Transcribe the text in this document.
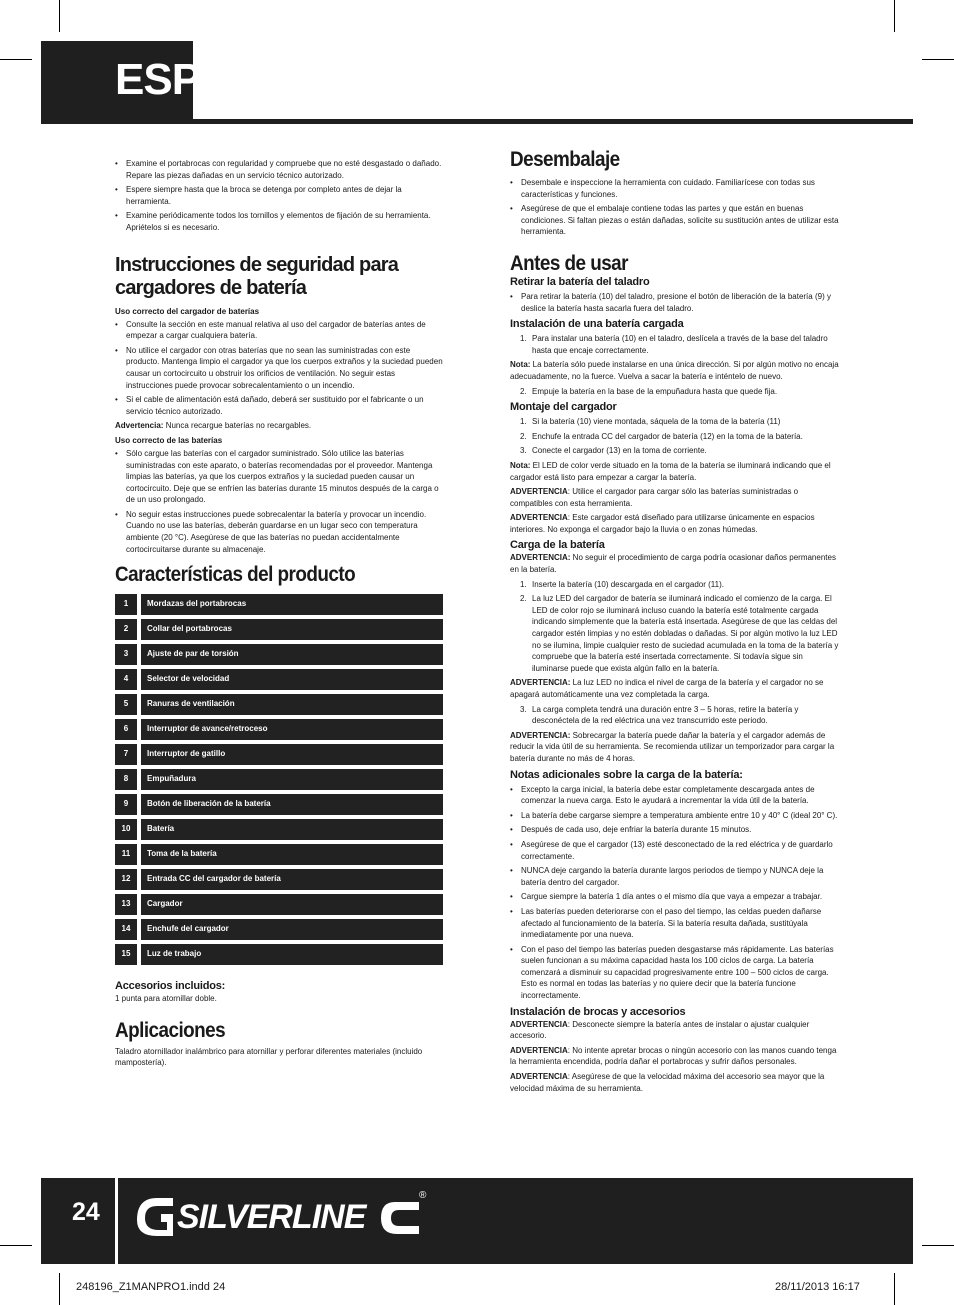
ESP
• Examine el portabrocas con regularidad y compruebe que no esté desgastado o dañado. Repare las piezas dañadas en un servicio técnico autorizado.
• Espere siempre hasta que la broca se detenga por completo antes de dejar la herramienta.
• Examine periódicamente todos los tornillos y elementos de fijación de su herramienta. Apriételos si es necesario.
Instrucciones de seguridad para cargadores de batería
Uso correcto del cargador de baterías
• Consulte la sección en este manual relativa al uso del cargador de baterías antes de empezar a cargar cualquiera batería.
• No utilice el cargador con otras baterías que no sean las suministradas con este producto. Mantenga limpio el cargador ya que los cuerpos extraños y la suciedad pueden causar un cortocircuito u obstruir los orificios de ventilación. No seguir estas instrucciones puede provocar sobrecalentamiento o un incendio.
• Si el cable de alimentación está dañado, deberá ser sustituido por el fabricante o un servicio técnico autorizado.

Advertencia: Nunca recargue baterías no recargables.

Uso correcto de las baterías
• Sólo cargue las baterías con el cargador suministrado. Sólo utilice las baterías suministradas con este aparato, o baterías recomendadas por el proveedor. Mantenga limpias las baterías, ya que los cuerpos extraños y la suciedad pueden causar un cortocircuito. Deje que se enfríen las baterías durante 15 minutos después de la carga o de un uso prolongado.
• No seguir estas instrucciones puede sobrecalentar la batería y provocar un incendio. Cuando no use las baterías, deberán guardarse en un lugar seco con temperatura ambiente (20 °C). Asegúrese de que las baterías no puedan accidentalmente cortocircuitarse durante su almacenaje.
Características del producto
1		Mordazas del portabrocas
2		Collar del portabrocas
3		Ajuste de par de torsión
4		Selector de velocidad
5		Ranuras de ventilación
6		Interruptor de avance/retroceso
7		Interruptor de gatillo
8		Empuñadura
9		Botón de liberación de la batería
10		Batería
11		Toma de la batería
12		Entrada CC del cargador de batería
13		Cargador
14		Enchufe del cargador
15		Luz de trabajo
Accesorios incluidos:

1 punta para atornillar doble.

Aplicaciones

Taladro atornillador inalámbrico para atornillar y perforar diferentes materiales (incluido mampostería).

Desembalaje
• Desembale e inspeccione la herramienta con cuidado. Familiarícese con todas sus características y funciones.
• Asegúrese de que el embalaje contiene todas las partes y que están en buenas condiciones. Si faltan piezas o están dañadas, solicite su sustitución antes de utilizar esta herramienta.
Antes de usar
Retirar la batería del taladro
• Para retirar la batería (10) del taladro, presione el botón de liberación de la batería (9) y deslice la batería hasta sacarla fuera del taladro.
Instalación de una batería cargada
1. Para instalar una batería (10) en el taladro, deslícela a través de la base del taladro hasta que encaje correctamente.

Nota: La batería sólo puede instalarse en una única dirección. Si por algún motivo no encaja adecuadamente, no la fuerce. Vuelva a sacar la batería e inténtelo de nuevo.

2. Empuje la batería en la base de la empuñadura hasta que quede fija.
Montaje del cargador
1. Si la batería (10) viene montada, sáquela de la toma de la batería (11)
2. Enchufe la entrada CC del cargador de batería (12) en la toma de la batería.
3. Conecte el cargador (13) en la toma de corriente.

Nota: El LED de color verde situado en la toma de la batería se iluminará indicando que el cargador está listo para empezar a cargar la batería.

ADVERTENCIA: Utilice el cargador para cargar sólo las baterías suministradas o compatibles con esta herramienta.

ADVERTENCIA: Este cargador está diseñado para utilizarse únicamente en espacios interiores. No exponga el cargador bajo la lluvia o en zonas húmedas.

Carga de la batería

ADVERTENCIA: No seguir el procedimiento de carga podría ocasionar daños permanentes en la batería.

1. Inserte la batería (10) descargada en el cargador (11).
2. La luz LED del cargador de batería se iluminará indicado el comienzo de la carga. El LED de color rojo se iluminará incluso cuando la batería esté totalmente cargada indicando simplemente que la batería está insertada. Asegúrese de que las celdas del cargador estén limpias y no estén dobladas o dañadas. Si por algún motivo la luz LED no se ilumina, limpie cualquier resto de suciedad acumulada en la toma de la batería y compruebe que la batería esté insertada correctamente. Si todavía sigue sin iluminarse puede que exista algún fallo en la batería.

ADVERTENCIA: La luz LED no indica el nivel de carga de la batería y el cargador no se apagará automáticamente una vez completada la carga.

3. La carga completa tendrá una duración entre 3 – 5 horas, retire la batería y desconéctela de la red eléctrica una vez transcurrido este periodo.

ADVERTENCIA: Sobrecargar la batería puede dañar la batería y el cargador además de reducir la vida útil de su herramienta. Se recomienda utilizar un temporizador para cargar la batería durante no más de 4 horas.

Notas adicionales sobre la carga de la batería:
• Excepto la carga inicial, la batería debe estar completamente descargada antes de comenzar la nueva carga. Esto le ayudará a incrementar la vida útil de la batería.
• La batería debe cargarse siempre a temperatura ambiente entre 10 y 40° C (ideal 20° C).
• Después de cada uso, deje enfriar la batería durante 15 minutos.
• Asegúrese de que el cargador (13) esté desconectado de la red eléctrica y de guardarlo correctamente.
• NUNCA deje cargando la batería durante largos periodos de tiempo y NUNCA deje la batería dentro del cargador.
• Cargue siempre la batería 1 día antes o el mismo día que vaya a empezar a trabajar.
• Las baterías pueden deteriorarse con el paso del tiempo, las celdas pueden dañarse afectado al funcionamiento de la batería. Si la batería resulta dañada, sustitúyala inmediatamente por una nueva.
• Con el paso del tiempo las baterías pueden desgastarse más rápidamente. Las baterías suelen funcionan a su máxima capacidad hasta los 100 ciclos de carga. La batería comenzará a disminuir su capacidad progresivamente entre 100 – 500 ciclos de carga. Esto es normal en todas las baterías y no quiere decir que la batería funcione incorrectamente.
Instalación de brocas y accesorios

ADVERTENCIA: Desconecte siempre la batería antes de instalar o ajustar cualquier accesorio.

ADVERTENCIA: No intente apretar brocas o ningún accesorio con las manos cuando tenga la herramienta encendida, podría dañar el portabrocas y sufrir daños personales.

ADVERTENCIA: Asegúrese de que la velocidad máxima del accesorio sea mayor que la velocidad máxima de su herramienta.

24 SILVERLINE
®
248196_Z1MANPRO1.indd 24	28/11/2013 16:17
